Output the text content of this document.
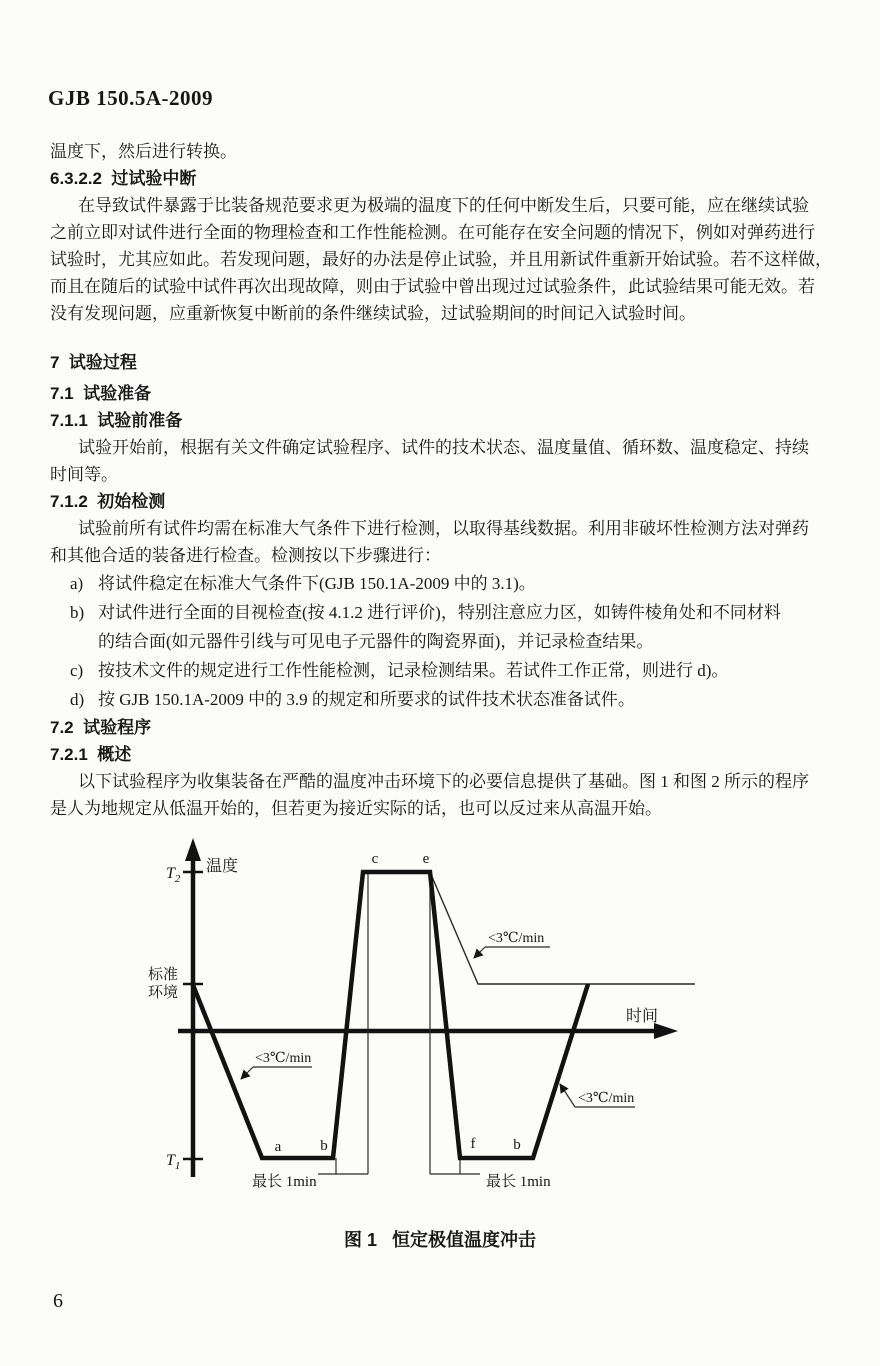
GJB 150.5A-2009
温度下，然后进行转换。
6.3.2.2  过试验中断
在导致试件暴露于比装备规范要求更为极端的温度下的任何中断发生后，只要可能，应在继续试验
之前立即对试件进行全面的物理检查和工作性能检测。在可能存在安全问题的情况下，例如对弹药进行
试验时，尤其应如此。若发现问题，最好的办法是停止试验，并且用新试件重新开始试验。若不这样做，
而且在随后的试验中试件再次出现故障，则由于试验中曾出现过过试验条件，此试验结果可能无效。若
没有发现问题，应重新恢复中断前的条件继续试验，过试验期间的时间记入试验时间。
7  试验过程
7.1  试验准备
7.1.1  试验前准备
试验开始前，根据有关文件确定试验程序、试件的技术状态、温度量值、循环数、温度稳定、持续
时间等。
7.1.2  初始检测
试验前所有试件均需在标准大气条件下进行检测，以取得基线数据。利用非破坏性检测方法对弹药
和其他合适的装备进行检查。检测按以下步骤进行：
a) 将试件稳定在标准大气条件下(GJB 150.1A-2009 中的 3.1)。
b) 对试件进行全面的目视检查(按 4.1.2 进行评价)，特别注意应力区，如铸件棱角处和不同材料
的结合面(如元器件引线与可见电子元器件的陶瓷界面)，并记录检查结果。
c) 按技术文件的规定进行工作性能检测，记录检测结果。若试件工作正常，则进行 d)。
d) 按 GJB 150.1A-2009 中的 3.9 的规定和所要求的试件技术状态准备试件。
7.2  试验程序
7.2.1  概述
以下试验程序为收集装备在严酷的温度冲击环境下的必要信息提供了基础。图 1 和图 2 所示的程序
是人为地规定从低温开始的，但若更为接近实际的话，也可以反过来从高温开始。
温度
时间
$T_2$
$T_1$
标准
环境
c	e
a	b	f	b
<3℃/min
<3℃/min
<3℃/min
最长 1min	最长 1min
图 1   恒定极值温度冲击
6
